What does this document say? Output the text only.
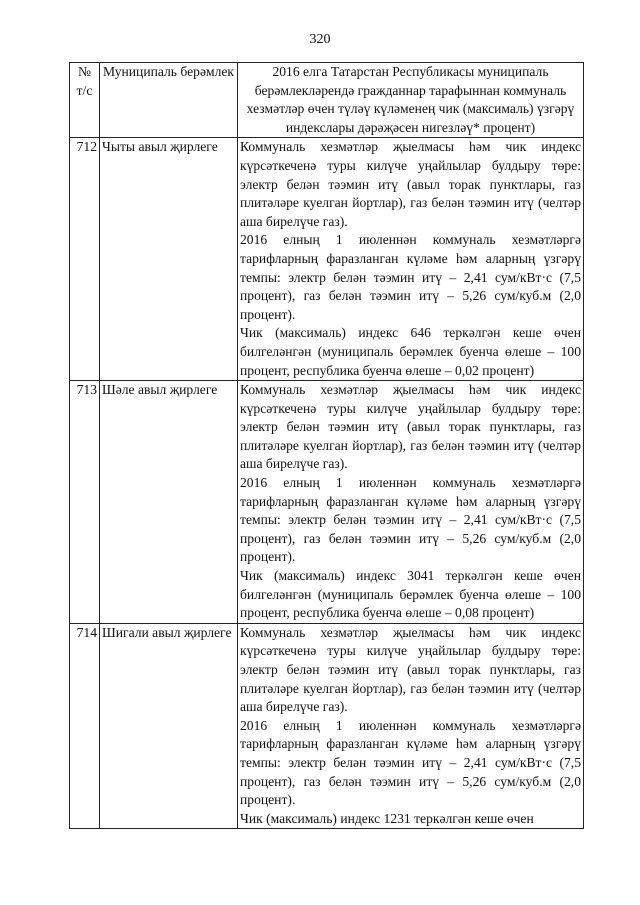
320
№ т/с	Муниципаль берәмлек	2016 елга Татарстан Республикасы муниципаль берәмлекләрендә гражданнар тарафыннан коммуналь хезмәтләр өчен түләү күләменең чик (максималь) үзгәрү индекслары дәрәҗәсен нигезләү* процент)
712	Чыты авыл җирлеге	Коммуналь хезмәтләр җыелмасы һәм чик индекс күрсәткеченә туры килүче уңайлылар булдыру төре: электр белән тәэмин итү (авыл торак пунктлары, газ плитәләре куелган йортлар), газ белән тәэмин итү (челтәр аша бирелүче газ).
2016 елның 1 июленнән коммуналь хезмәтләргә тарифларның фаразланган күләме һәм аларның үзгәрү темпы: электр белән тәэмин итү – 2,41 сум/кВт·с (7,5 процент), газ белән тәэмин итү – 5,26 сум/куб.м (2,0 процент).
Чик (максималь) индекс 646 теркәлгән кеше өчен билгеләнгән (муниципаль берәмлек буенча өлеше – 100 процент, республика буенча өлеше – 0,02 процент)

713	Шәле авыл җирлеге	Коммуналь хезмәтләр җыелмасы һәм чик индекс күрсәткеченә туры килүче уңайлылар булдыру төре: электр белән тәэмин итү (авыл торак пунктлары, газ плитәләре куелган йортлар), газ белән тәэмин итү (челтәр аша бирелүче газ).
2016 елның 1 июленнән коммуналь хезмәтләргә тарифларның фаразланган күләме һәм аларның үзгәрү темпы: электр белән тәэмин итү – 2,41 сум/кВт·с (7,5 процент), газ белән тәэмин итү – 5,26 сум/куб.м (2,0 процент).
Чик (максималь) индекс 3041 теркәлгән кеше өчен билгеләнгән (муниципаль берәмлек буенча өлеше – 100 процент, республика буенча өлеше – 0,08 процент)

714	Шигали авыл җирлеге	Коммуналь хезмәтләр җыелмасы һәм чик индекс күрсәткеченә туры килүче уңайлылар булдыру төре: электр белән тәэмин итү (авыл торак пунктлары, газ плитәләре куелган йортлар), газ белән тәэмин итү (челтәр аша бирелүче газ).
2016 елның 1 июленнән коммуналь хезмәтләргә тарифларның фаразланган күләме һәм аларның үзгәрү темпы: электр белән тәэмин итү – 2,41 сум/кВт·с (7,5 процент), газ белән тәэмин итү – 5,26 сум/куб.м (2,0 процент).
Чик (максималь) индекс 1231 теркәлгән кеше өчен
